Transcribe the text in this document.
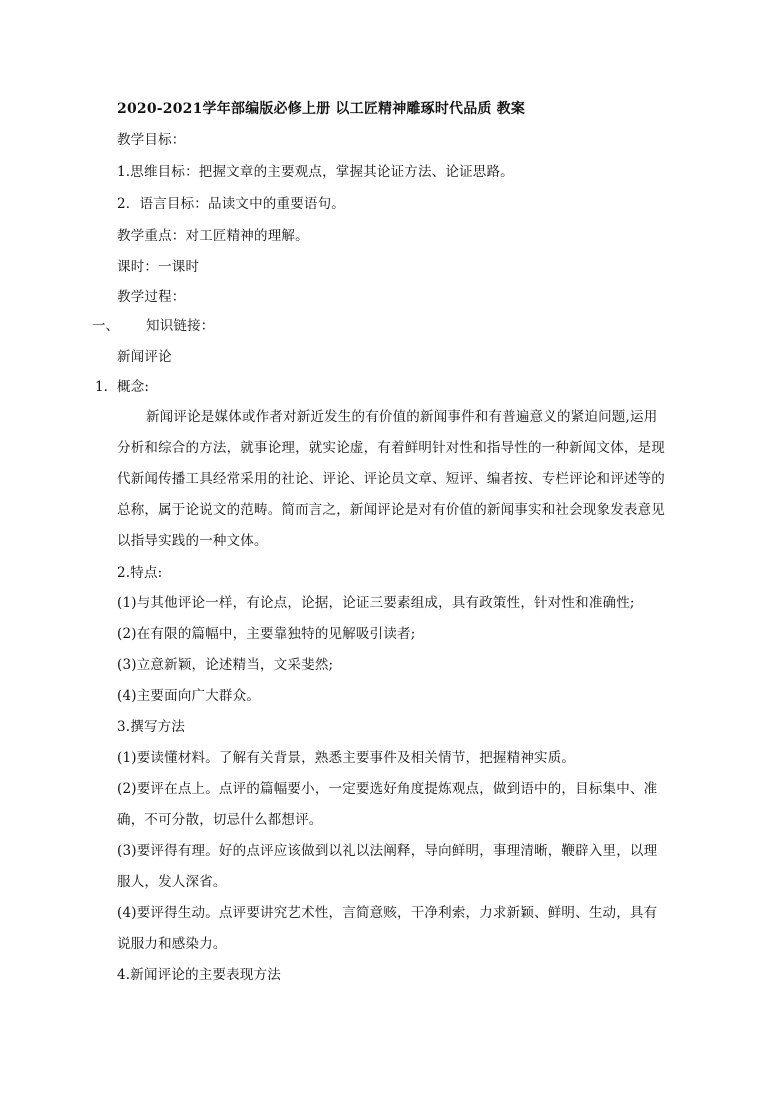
2020-2021学年部编版必修上册 以工匠精神雕琢时代品质 教案
教学目标：
1.思维目标：把握文章的主要观点，掌握其论证方法、论证思路。
2．语言目标：品读文中的重要语句。
教学重点：对工匠精神的理解。
课时：一课时
教学过程：
一、 知识链接：
新闻评论
1. 概念:
新闻评论是媒体或作者对新近发生的有价值的新闻事件和有普遍意义的紧迫问题,运用
分析和综合的方法，就事论理，就实论虚，有着鲜明针对性和指导性的一种新闻文体，是现
代新闻传播工具经常采用的社论、评论、评论员文章、短评、编者按、专栏评论和评述等的
总称，属于论说文的范畴。简而言之，新闻评论是对有价值的新闻事实和社会现象发表意见
以指导实践的一种文体。
2.特点:
(1)与其他评论一样，有论点，论据，论证三要素组成，具有政策性，针对性和准确性;
(2)在有限的篇幅中，主要靠独特的见解吸引读者;
(3)立意新颖，论述精当，文采斐然;
(4)主要面向广大群众。
3.撰写方法
(1)要读懂材料。了解有关背景，熟悉主要事件及相关情节，把握精神实质。
(2)要评在点上。点评的篇幅要小，一定要选好角度提炼观点，做到语中的，目标集中、准
确，不可分散，切忌什么都想评。
(3)要评得有理。好的点评应该做到以礼以法阐释，导向鲜明，事理清晰，鞭辟入里，以理
服人，发人深省。
(4)要评得生动。点评要讲究艺术性，言简意赅，干净利索，力求新颖、鲜明、生动，具有
说服力和感染力。
4.新闻评论的主要表现方法
